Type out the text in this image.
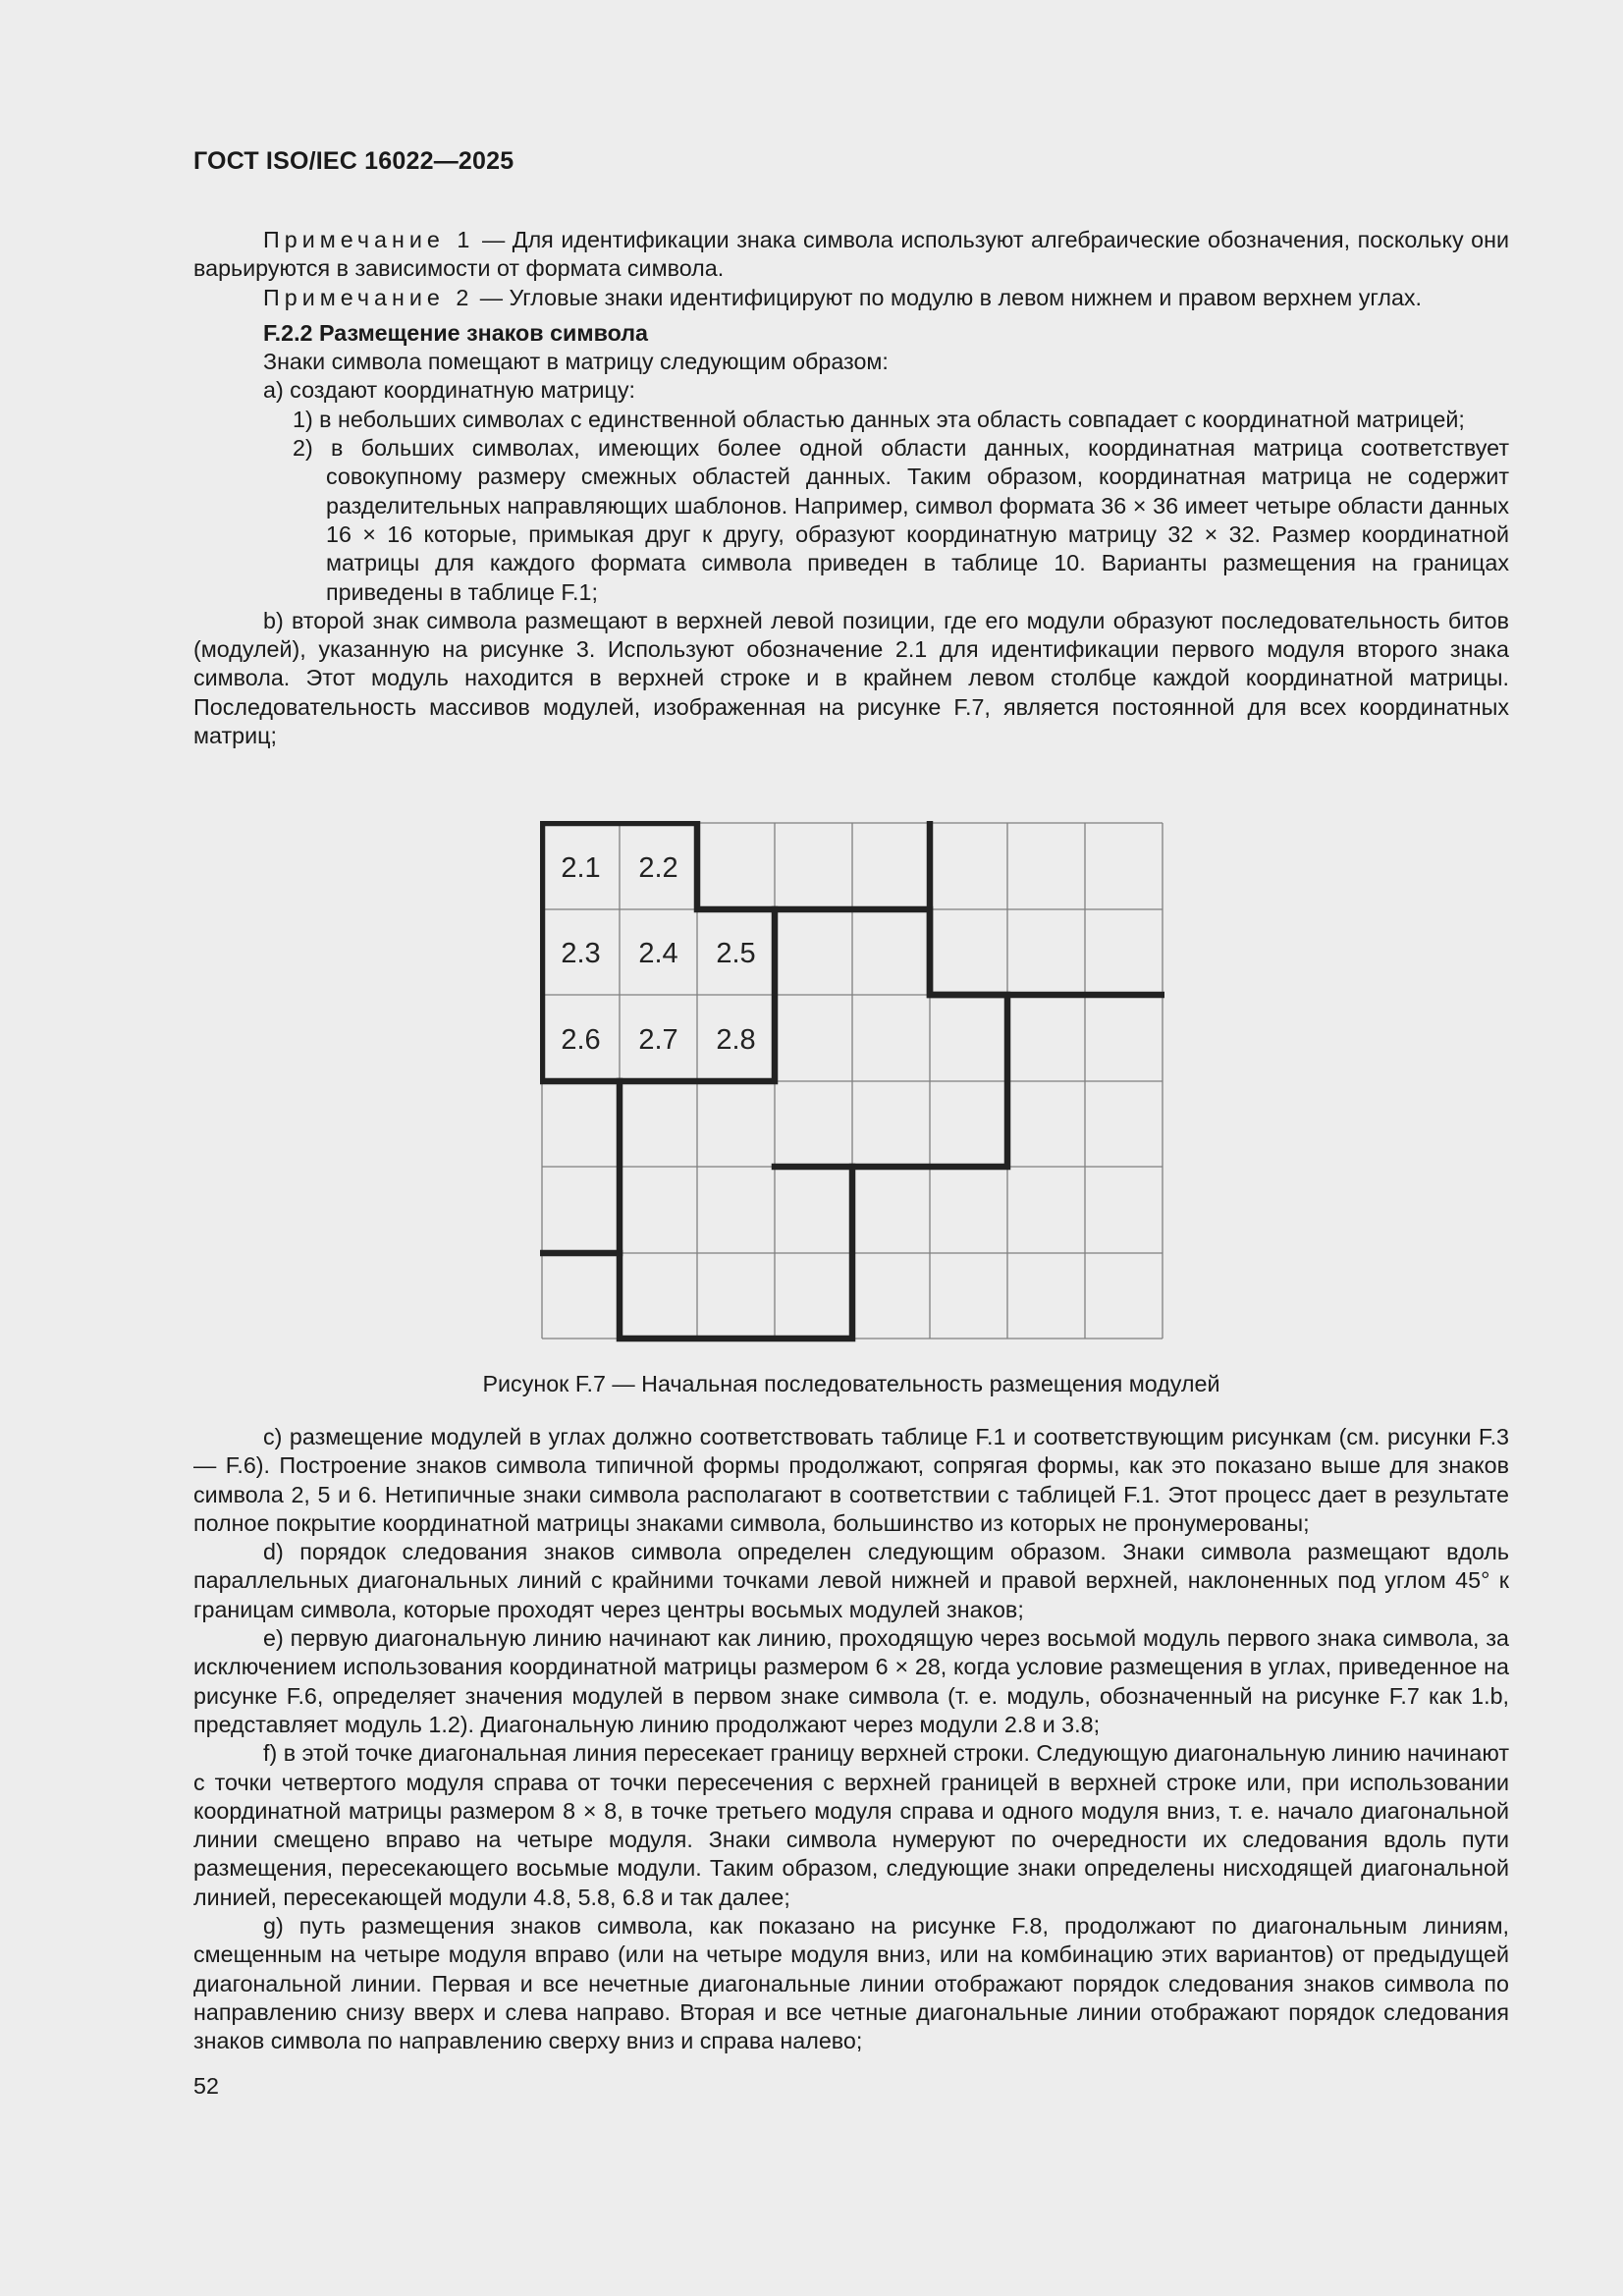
ГОСТ ISO/IEC 16022—2025

Примечание 1 — Для идентификации знака символа используют алгебраические обозначения, поскольку они варьируются в зависимости от формата символа.

Примечание 2 — Угловые знаки идентифицируют по модулю в левом нижнем и правом верхнем углах.

F.2.2 Размещение знаков символа

Знаки символа помещают в матрицу следующим образом:

a) создают координатную матрицу:

1) в небольших символах с единственной областью данных эта область совпадает с координатной матрицей;

2) в больших символах, имеющих более одной области данных, координатная матрица соответствует совокупному размеру смежных областей данных. Таким образом, координатная матрица не содержит разделительных направляющих шаблонов. Например, символ формата 36 × 36 имеет четыре области данных 16 × 16 которые, примыкая друг к другу, образуют координатную матрицу 32 × 32. Размер координатной матрицы для каждого формата символа приведен в таблице 10. Варианты размещения на границах приведены в таблице F.1;

b) второй знак символа размещают в верхней левой позиции, где его модули образуют последовательность битов (модулей), указанную на рисунке 3. Используют обозначение 2.1 для идентификации первого модуля второго знака символа. Этот модуль находится в верхней строке и в крайнем левом столбце каждой координатной матрицы. Последовательность массивов модулей, изображенная на рисунке F.7, является постоянной для всех координатных матриц;

2.1 2.2
2.3 2.4 2.5
2.6 2.7 2.8
Рисунок F.7 — Начальная последовательность размещения модулей

c) размещение модулей в углах должно соответствовать таблице F.1 и соответствующим рисункам (см. рисунки F.3 — F.6). Построение знаков символа типичной формы продолжают, сопрягая формы, как это показано выше для знаков символа 2, 5 и 6. Нетипичные знаки символа располагают в соответствии с таблицей F.1. Этот процесс дает в результате полное покрытие координатной матрицы знаками символа, большинство из которых не пронумерованы;

d) порядок следования знаков символа определен следующим образом. Знаки символа размещают вдоль параллельных диагональных линий с крайними точками левой нижней и правой верхней, наклоненных под углом 45° к границам символа, которые проходят через центры восьмых модулей знаков;

e) первую диагональную линию начинают как линию, проходящую через восьмой модуль первого знака символа, за исключением использования координатной матрицы размером 6 × 28, когда условие размещения в углах, приведенное на рисунке F.6, определяет значения модулей в первом знаке символа (т. е. модуль, обозначенный на рисунке F.7 как 1.b, представляет модуль 1.2). Диагональную линию продолжают через модули 2.8 и 3.8;

f) в этой точке диагональная линия пересекает границу верхней строки. Следующую диагональную линию начинают с точки четвертого модуля справа от точки пересечения с верхней границей в верхней строке или, при использовании координатной матрицы размером 8 × 8, в точке третьего модуля справа и одного модуля вниз, т. е. начало диагональной линии смещено вправо на четыре модуля. Знаки символа нумеруют по очередности их следования вдоль пути размещения, пересекающего восьмые модули. Таким образом, следующие знаки определены нисходящей диагональной линией, пересекающей модули 4.8, 5.8, 6.8 и так далее;

g) путь размещения знаков символа, как показано на рисунке F.8, продолжают по диагональным линиям, смещенным на четыре модуля вправо (или на четыре модуля вниз, или на комбинацию этих вариантов) от предыдущей диагональной линии. Первая и все нечетные диагональные линии отображают порядок следования знаков символа по направлению снизу вверх и слева направо. Вторая и все четные диагональные линии отображают порядок следования знаков символа по направлению сверху вниз и справа налево;

52
